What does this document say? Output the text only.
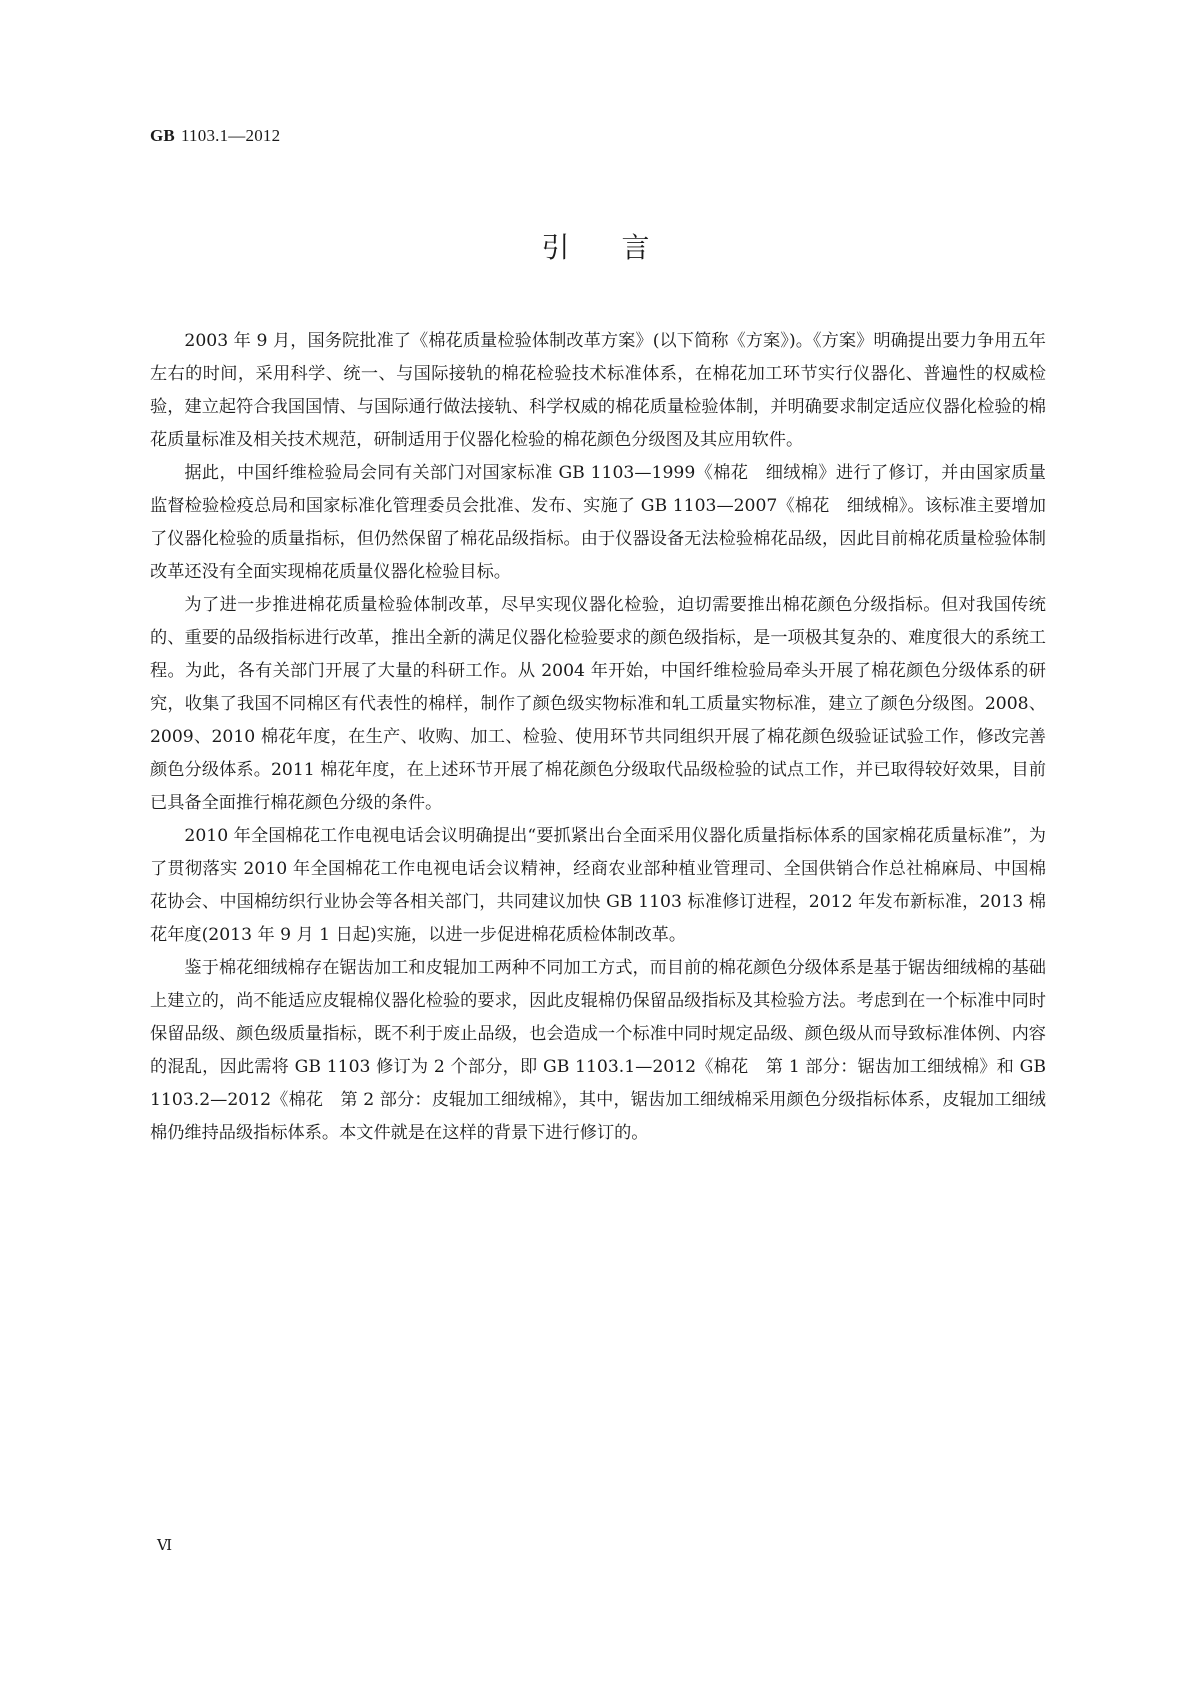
GB 1103.1—2012
引言

2003 年 9 月，国务院批准了《棉花质量检验体制改革方案》(以下简称《方案》)。《方案》明确提出要力争用五年左右的时间，采用科学、统一、与国际接轨的棉花检验技术标准体系，在棉花加工环节实行仪器化、普遍性的权威检验，建立起符合我国国情、与国际通行做法接轨、科学权威的棉花质量检验体制，并明确要求制定适应仪器化检验的棉花质量标准及相关技术规范，研制适用于仪器化检验的棉花颜色分级图及其应用软件。

据此，中国纤维检验局会同有关部门对国家标准 GB 1103—1999《棉花　细绒棉》进行了修订，并由国家质量监督检验检疫总局和国家标准化管理委员会批准、发布、实施了 GB 1103—2007《棉花　细绒棉》。该标准主要增加了仪器化检验的质量指标，但仍然保留了棉花品级指标。由于仪器设备无法检验棉花品级，因此目前棉花质量检验体制改革还没有全面实现棉花质量仪器化检验目标。

为了进一步推进棉花质量检验体制改革，尽早实现仪器化检验，迫切需要推出棉花颜色分级指标。但对我国传统的、重要的品级指标进行改革，推出全新的满足仪器化检验要求的颜色级指标，是一项极其复杂的、难度很大的系统工程。为此，各有关部门开展了大量的科研工作。从 2004 年开始，中国纤维检验局牵头开展了棉花颜色分级体系的研究，收集了我国不同棉区有代表性的棉样，制作了颜色级实物标准和轧工质量实物标准，建立了颜色分级图。2008、2009、2010 棉花年度，在生产、收购、加工、检验、使用环节共同组织开展了棉花颜色级验证试验工作，修改完善颜色分级体系。2011 棉花年度，在上述环节开展了棉花颜色分级取代品级检验的试点工作，并已取得较好效果，目前已具备全面推行棉花颜色分级的条件。

2010 年全国棉花工作电视电话会议明确提出“要抓紧出台全面采用仪器化质量指标体系的国家棉花质量标准”，为了贯彻落实 2010 年全国棉花工作电视电话会议精神，经商农业部种植业管理司、全国供销合作总社棉麻局、中国棉花协会、中国棉纺织行业协会等各相关部门，共同建议加快 GB 1103 标准修订进程，2012 年发布新标准，2013 棉花年度(2013 年 9 月 1 日起)实施，以进一步促进棉花质检体制改革。

鉴于棉花细绒棉存在锯齿加工和皮辊加工两种不同加工方式，而目前的棉花颜色分级体系是基于锯齿细绒棉的基础上建立的，尚不能适应皮辊棉仪器化检验的要求，因此皮辊棉仍保留品级指标及其检验方法。考虑到在一个标准中同时保留品级、颜色级质量指标，既不利于废止品级，也会造成一个标准中同时规定品级、颜色级从而导致标准体例、内容的混乱，因此需将 GB 1103 修订为 2 个部分，即 GB 1103.1—2012《棉花　第 1 部分：锯齿加工细绒棉》和 GB 1103.2—2012《棉花　第 2 部分：皮辊加工细绒棉》，其中，锯齿加工细绒棉采用颜色分级指标体系，皮辊加工细绒棉仍维持品级指标体系。本文件就是在这样的背景下进行修订的。

Ⅵ
